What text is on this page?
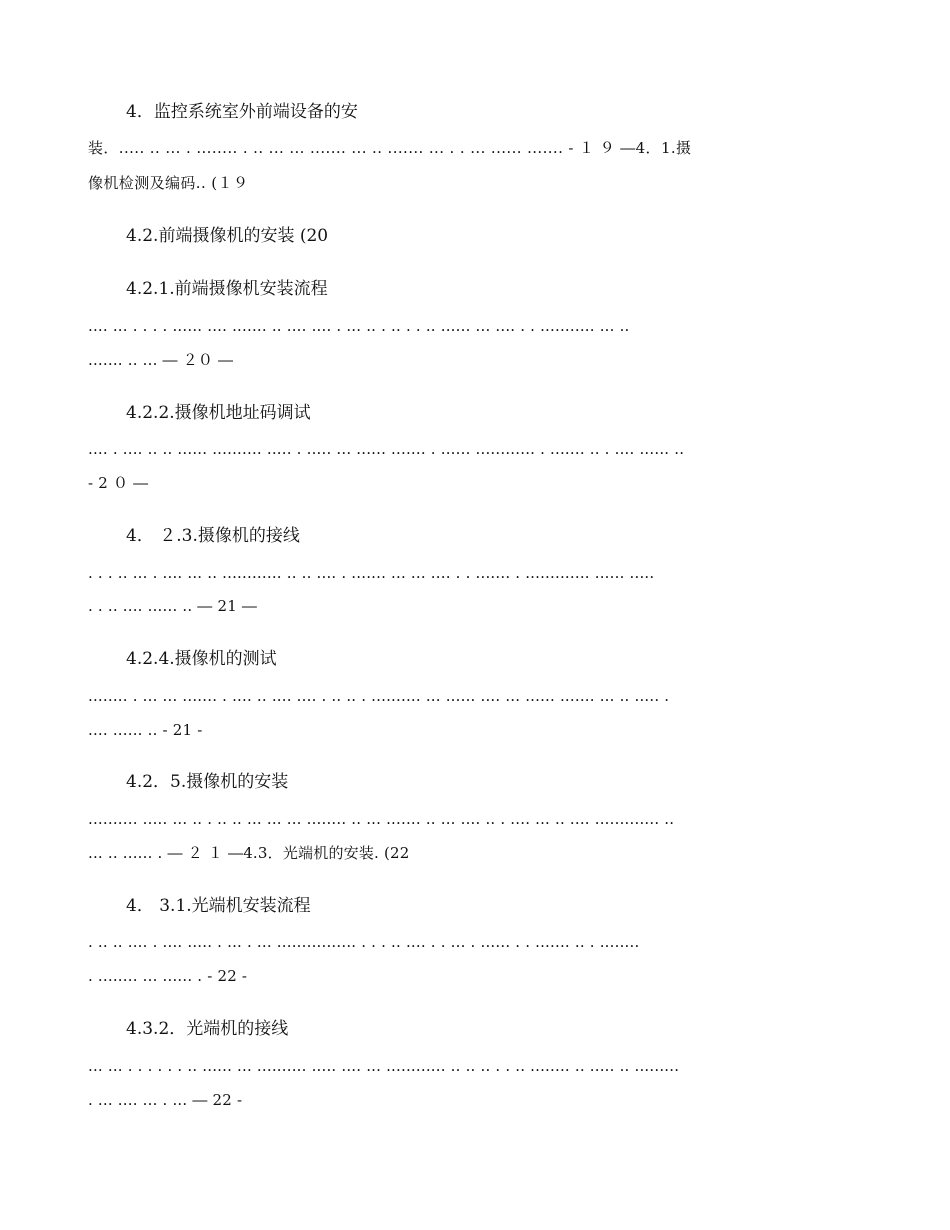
4．监控系统室外前端设备的安
装．..... .. ... . ........ . .. ... ... ....... ... .. ....... ... . . ... ...... ....... - １ ９ ―4．1.摄
像机检测及编码.. (１９
4.2.前端摄像机的安装 (20
4.2.1.前端摄像机安装流程
.... ... . . . . ...... .... ....... .. .... .... . ... .. . .. . . .. ...... ... .... . . ........... ... ..
....... .. ... ― ２０ ―
4.2.2.摄像机地址码调试
.... . .... .. .. ...... .......... ..... . ..... ... ...... ....... . ...... ............ . ....... .. . .... ...... ..
- 2 ０ ―
4． ２.3.摄像机的接线
. . . .. ... . .... ... .. ............ .. .. .... . ....... ... ... .... . . ....... . ............. ...... .....
. . .. .... ...... .. ― 21 ―
4.2.4.摄像机的测试
........ . ... ... ....... . .... .. .... .... . .. .. . .......... ... ...... .... ... ...... ....... ... .. ..... .
.... ...... .. - 21 -
4.2．5.摄像机的安装
.......... ..... ... .. . .. .. ... ... ... ........ .. ... ....... .. ... .... .. . .... ... .. .... ............. ..
... .. ...... . ― ２ １ ―4.3．光端机的安装. (22
4． 3.1.光端机安装流程
. .. .. .... . .... ..... . ... . ... ................ . . . .. .... . . ... . ...... . . ....... .. . ........
. ........ ... ...... . - 22 -
4.3.2．光端机的接线
... ... . . . . . . .. ...... ... .......... ..... .... ... ............ .. .. .. . . .. ........ .. ..... .. .........
. ... .... ... . ... ― 22 -
